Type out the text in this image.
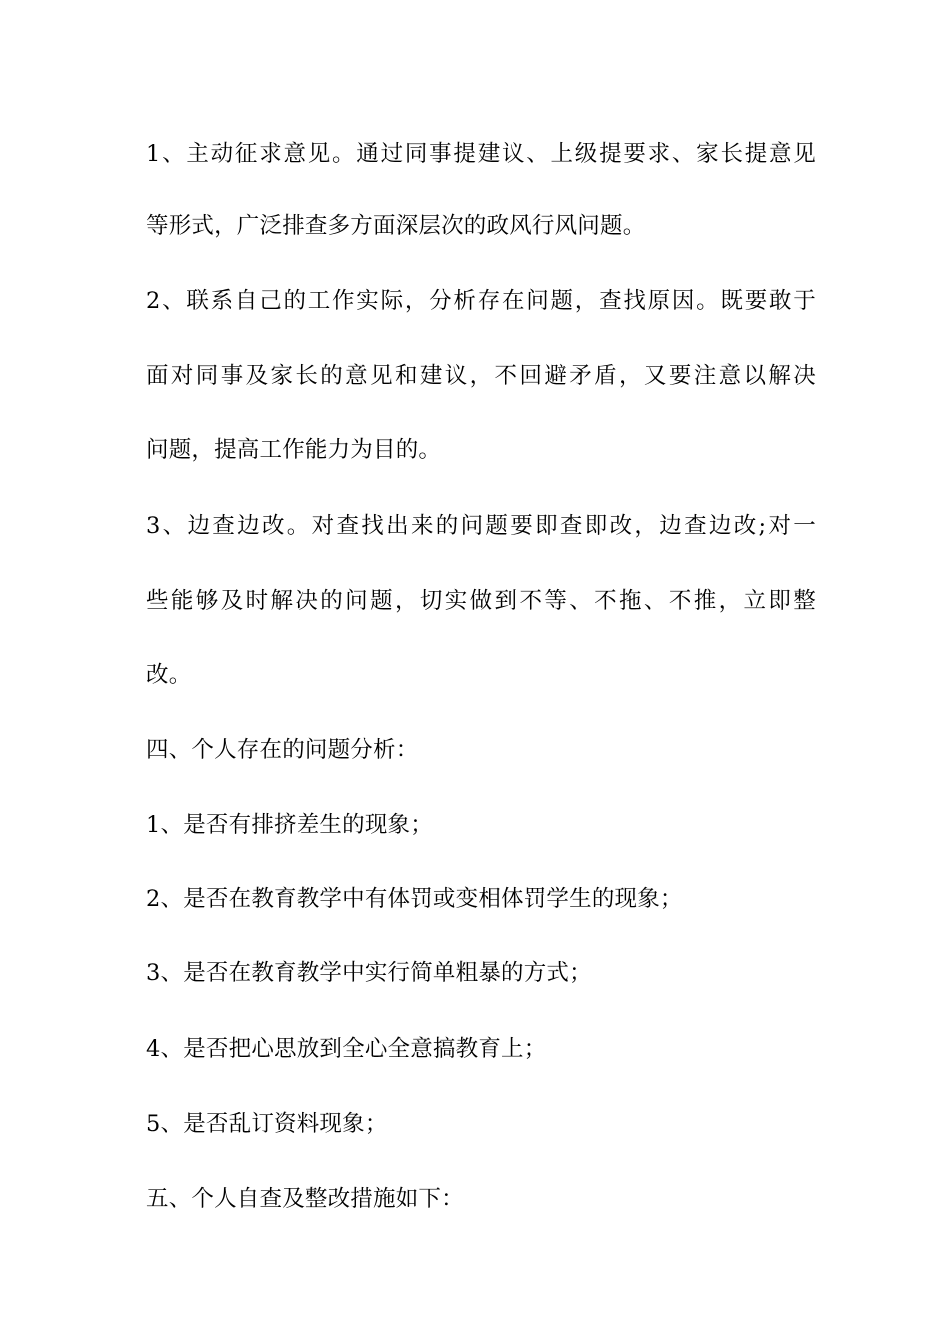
1、主动征求意见。通过同事提建议、上级提要求、家长提意见
等形式，广泛排查多方面深层次的政风行风问题。
2、联系自己的工作实际，分析存在问题，查找原因。既要敢于
面对同事及家长的意见和建议，不回避矛盾，又要注意以解决
问题，提高工作能力为目的。
3、边查边改。对查找出来的问题要即查即改，边查边改;对一
些能够及时解决的问题，切实做到不等、不拖、不推，立即整
改。
四、个人存在的问题分析：
1、是否有排挤差生的现象；
2、是否在教育教学中有体罚或变相体罚学生的现象；
3、是否在教育教学中实行简单粗暴的方式；
4、是否把心思放到全心全意搞教育上；
5、是否乱订资料现象；
五、个人自查及整改措施如下：
